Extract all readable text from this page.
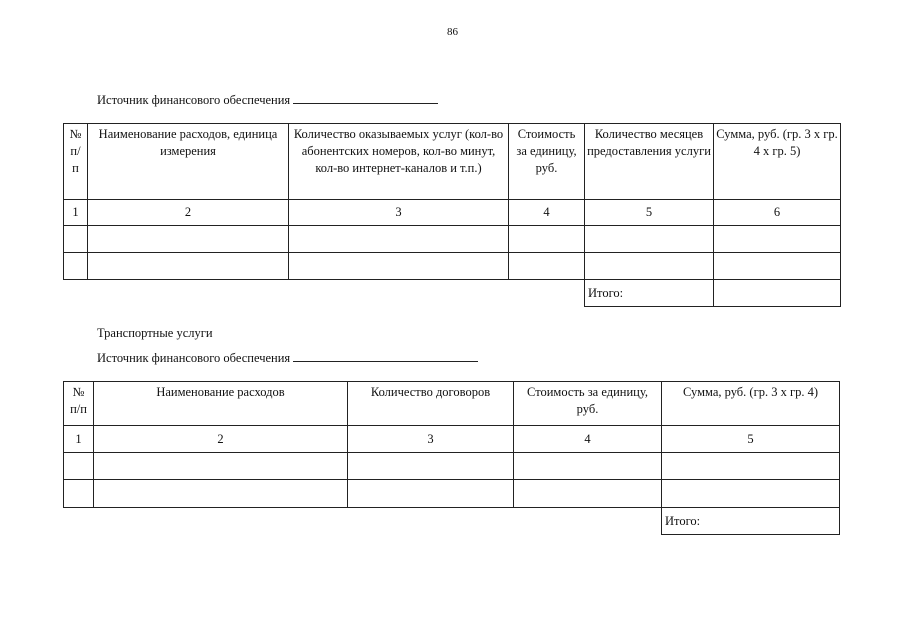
86
Источник финансового обеспечения
№ п/ п	Наименование расходов, единица измерения	Количество оказываемых услуг (кол-во абонентских номеров, кол-во минут, кол-во интернет-каналов и т.п.)	Стоимость за единицу, руб.	Количество месяцев предоставления услуги	Сумма, руб. (гр. 3 х гр. 4 х гр. 5)
1	2	3	4	5	6

				Итого:	
Транспортные услуги
Источник финансового обеспечения
№ п/п	Наименование расходов	Количество договоров	Стоимость за единицу, руб.	Сумма, руб. (гр. 3 х гр. 4)
1	2	3	4	5

				Итого:
